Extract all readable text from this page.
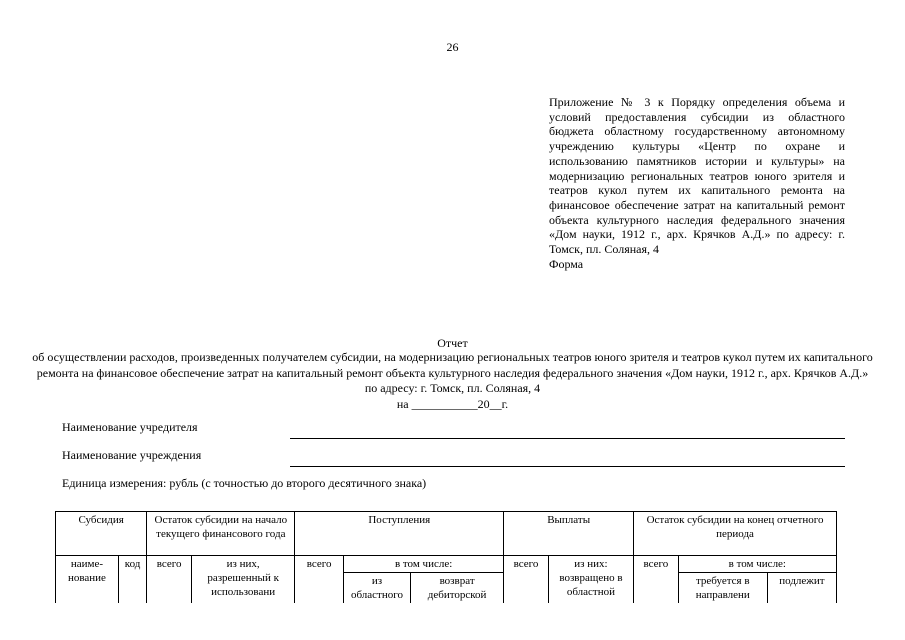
26
Приложение № 3 к Порядку определения объема и условий предоставления субсидии из областного бюджета областному государственному автономному учреждению культуры «Центр по охране и использованию памятников истории и культуры» на модернизацию региональных театров юного зрителя и театров кукол путем их капитального ремонта на финансовое обеспечение затрат на капитальный ремонт объекта культурного наследия федерального значения «Дом науки, 1912 г., арх. Крячков А.Д.» по адресу: г. Томск, пл. Соляная, 4
Форма
Отчет
об осуществлении расходов, произведенных получателем субсидии, на модернизацию региональных театров юного зрителя и театров кукол путем их капитального ремонта на финансовое обеспечение затрат на капитальный ремонт объекта культурного наследия федерального значения «Дом науки, 1912 г., арх. Крячков А.Д.» по адресу: г. Томск, пл. Соляная, 4
на ___________20__г.
Наименование учредителя
Наименование учреждения
Единица измерения: рубль (с точностью до второго десятичного знака)
Субсидия		Остаток субсидии на начало текущего финансового года		Поступления			Выплаты		Остаток субсидии на конец отчетного периода		
наиме-нование	код	всего	из них, разрешенный к использовани	всего	в том числе:		всего	из них: возвращено в областной	всего	в том числе:	
					из областного	возврат дебиторской				требуется в направлени	подлежит
